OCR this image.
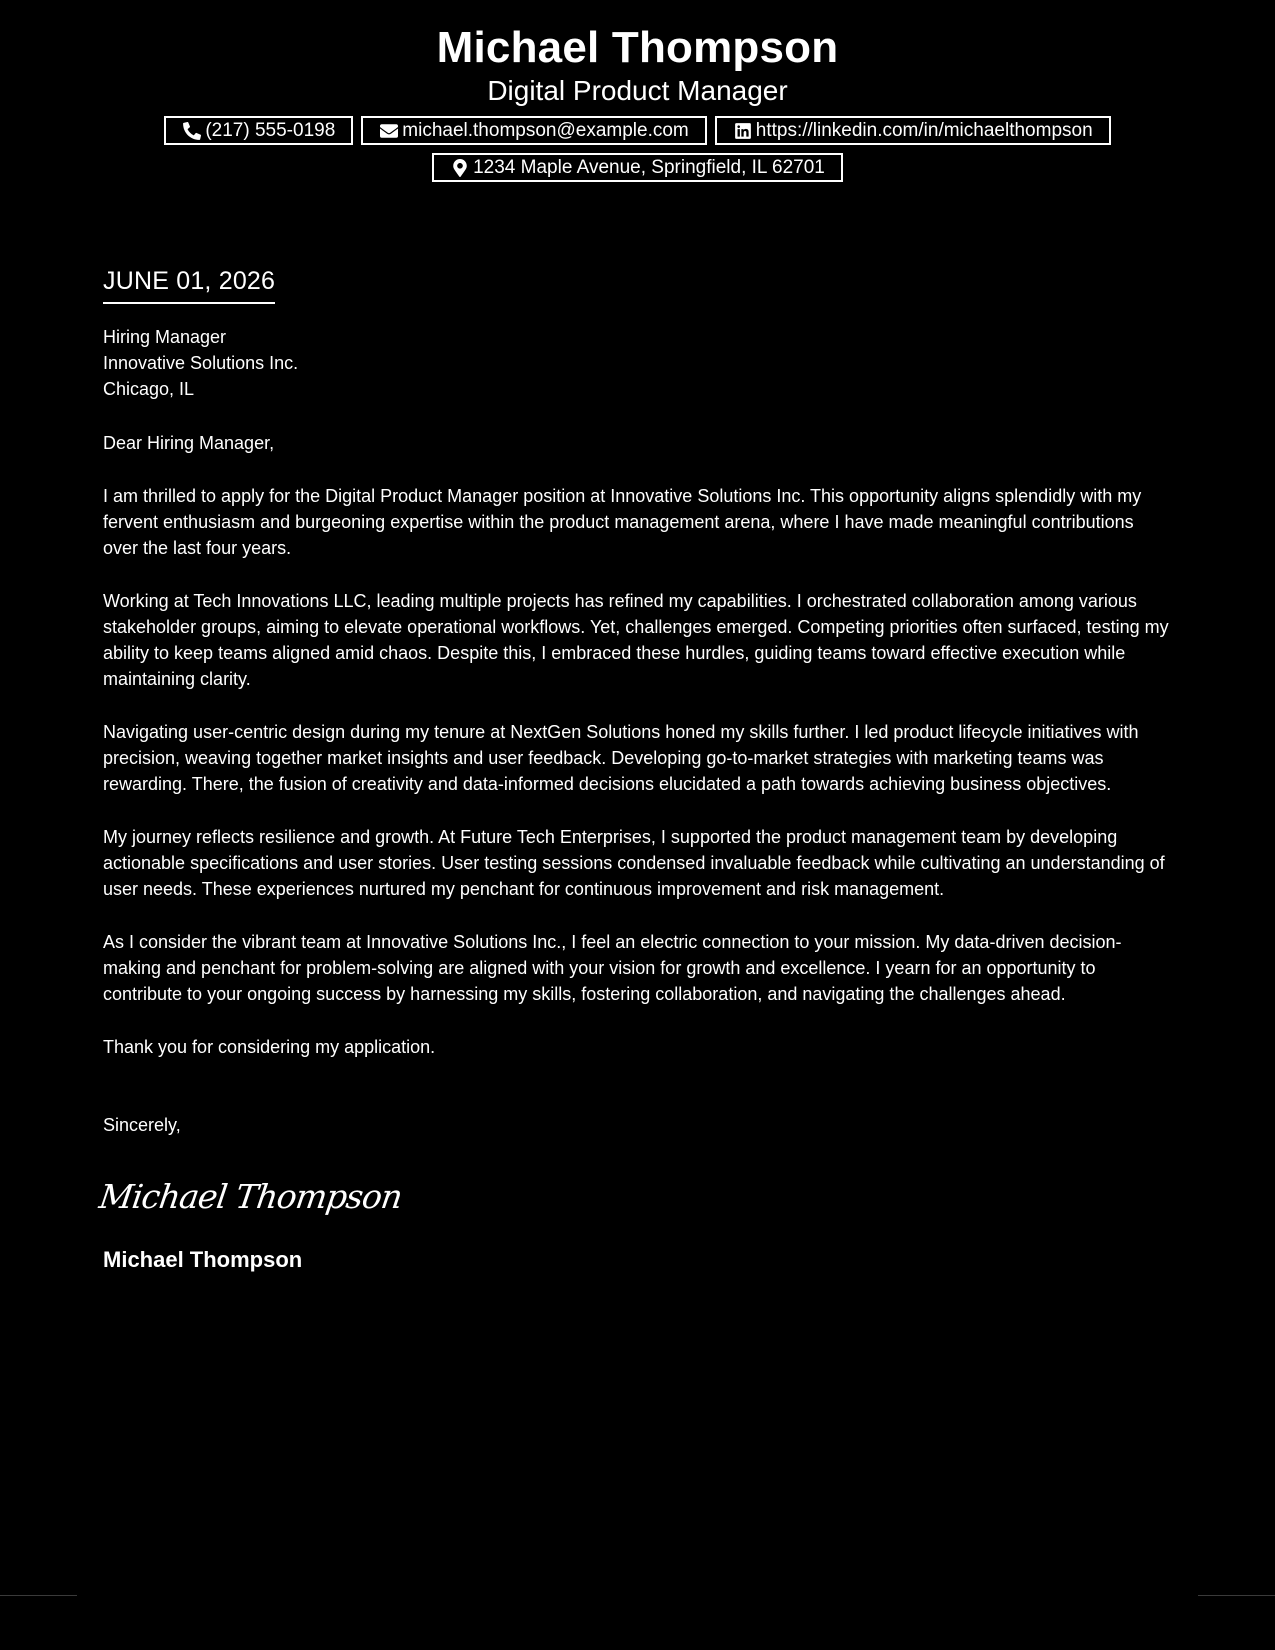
Michael Thompson
Digital Product Manager
(217) 555-0198	michael.thompson@example.com	https://linkedin.com/in/michaelthompson
1234 Maple Avenue, Springfield, IL 62701
JUNE 01, 2026
Hiring Manager
Innovative Solutions Inc.
Chicago, IL
Dear Hiring Manager,
I am thrilled to apply for the Digital Product Manager position at Innovative Solutions Inc. This opportunity aligns splendidly with my fervent enthusiasm and burgeoning expertise within the product management arena, where I have made meaningful contributions over the last four years.
Working at Tech Innovations LLC, leading multiple projects has refined my capabilities. I orchestrated collaboration among various stakeholder groups, aiming to elevate operational workflows. Yet, challenges emerged. Competing priorities often surfaced, testing my ability to keep teams aligned amid chaos. Despite this, I embraced these hurdles, guiding teams toward effective execution while maintaining clarity.
Navigating user-centric design during my tenure at NextGen Solutions honed my skills further. I led product lifecycle initiatives with precision, weaving together market insights and user feedback. Developing go-to-market strategies with marketing teams was rewarding. There, the fusion of creativity and data-informed decisions elucidated a path towards achieving business objectives.
My journey reflects resilience and growth. At Future Tech Enterprises, I supported the product management team by developing actionable specifications and user stories. User testing sessions condensed invaluable feedback while cultivating an understanding of user needs. These experiences nurtured my penchant for continuous improvement and risk management.
As I consider the vibrant team at Innovative Solutions Inc., I feel an electric connection to your mission. My data-driven decision-making and penchant for problem-solving are aligned with your vision for growth and excellence. I yearn for an opportunity to contribute to your ongoing success by harnessing my skills, fostering collaboration, and navigating the challenges ahead.
Thank you for considering my application.
Sincerely,
Michael Thompson
Michael Thompson
